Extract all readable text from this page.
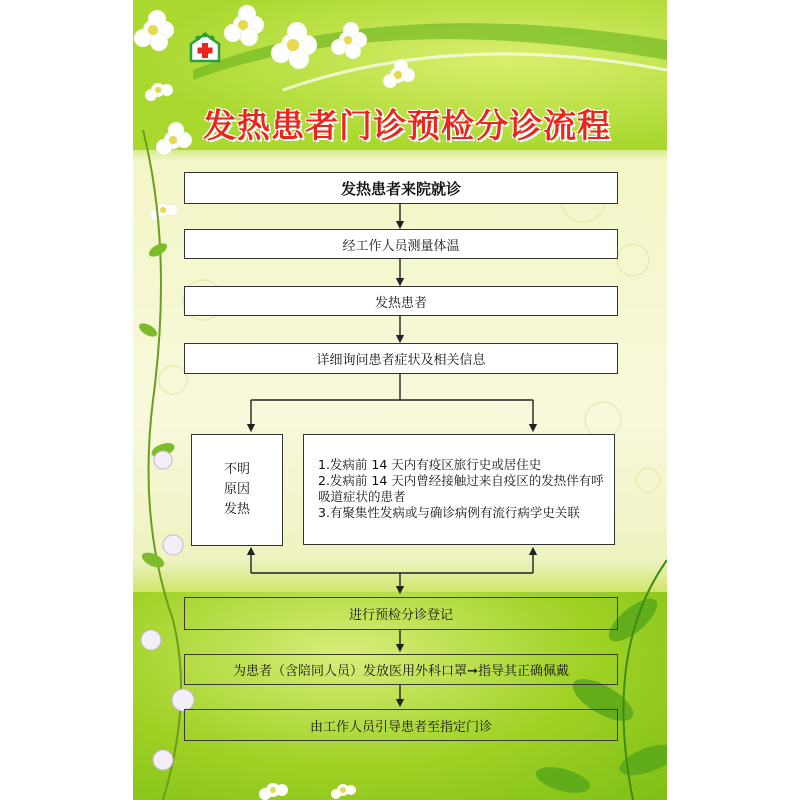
发热患者门诊预检分诊流程
发热患者来院就诊
经工作人员测量体温
发热患者
详细询问患者症状及相关信息
不明
原因
发热
1.发病前 14 天内有疫区旅行史或居住史
2.发病前 14 天内曾经接触过来自疫区的发热伴有呼吸道症状的患者
3.有聚集性发病或与确诊病例有流行病学史关联
进行预检分诊登记
为患者（含陪同人员）发放医用外科口罩➞指导其正确佩戴
由工作人员引导患者至指定门诊
